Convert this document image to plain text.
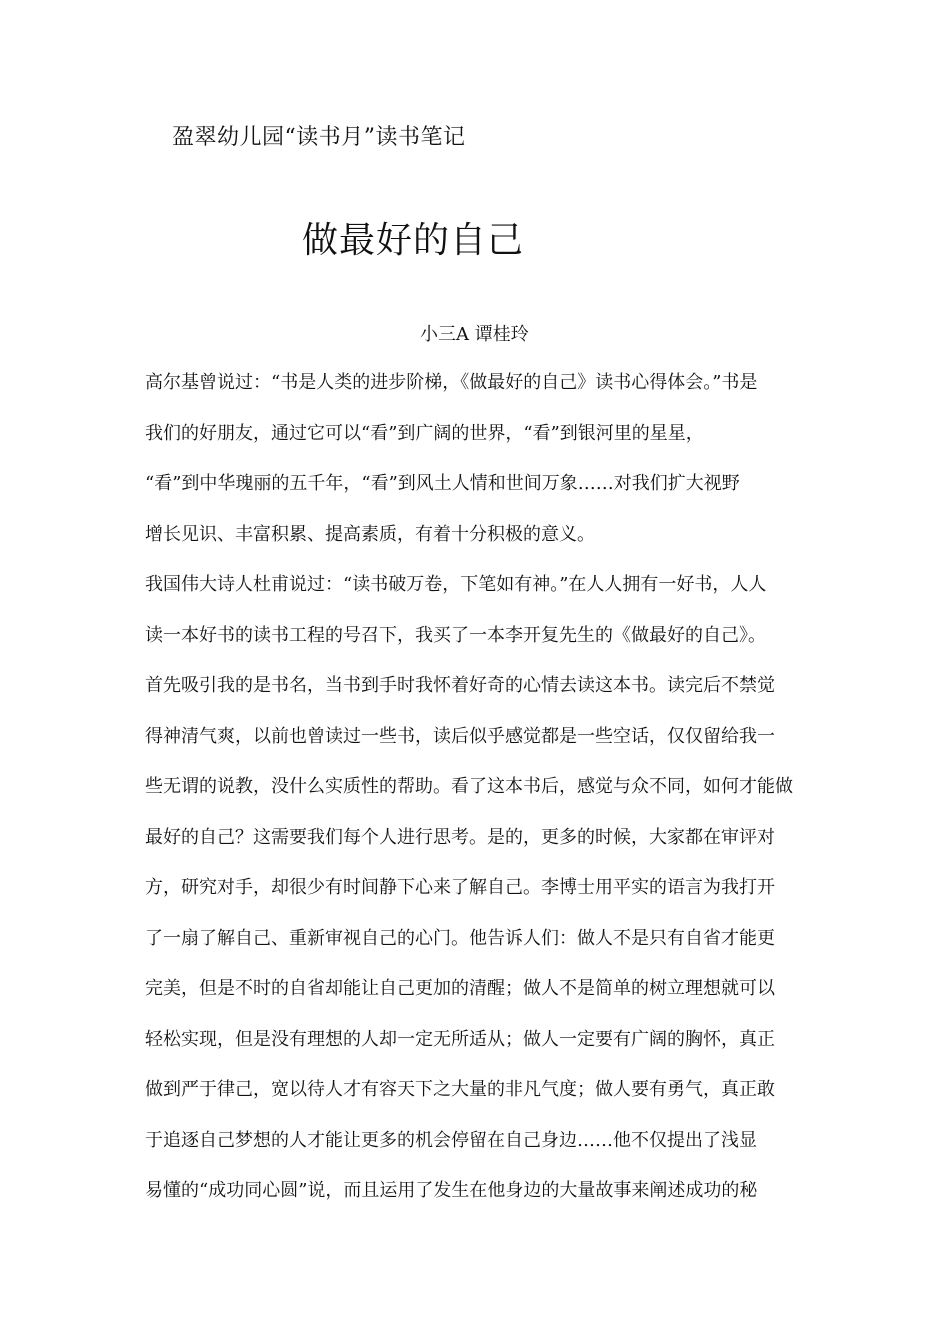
盈翠幼儿园“读书月”读书笔记
做最好的自己
小三A 谭桂玲
高尔基曾说过：“书是人类的进步阶梯，《做最好的自己》读书心得体会。”书是
我们的好朋友，通过它可以“看”到广阔的世界，“看”到银河里的星星，
“看”到中华瑰丽的五千年，“看”到风土人情和世间万象……对我们扩大视野
增长见识、丰富积累、提高素质，有着十分积极的意义。
我国伟大诗人杜甫说过：“读书破万卷，下笔如有神。”在人人拥有一好书，人人
读一本好书的读书工程的号召下，我买了一本李开复先生的《做最好的自己》。
首先吸引我的是书名，当书到手时我怀着好奇的心情去读这本书。读完后不禁觉
得神清气爽，以前也曾读过一些书，读后似乎感觉都是一些空话，仅仅留给我一
些无谓的说教，没什么实质性的帮助。看了这本书后，感觉与众不同，如何才能做
最好的自己？这需要我们每个人进行思考。是的，更多的时候，大家都在审评对
方，研究对手，却很少有时间静下心来了解自己。李博士用平实的语言为我打开
了一扇了解自己、重新审视自己的心门。他告诉人们：做人不是只有自省才能更
完美，但是不时的自省却能让自己更加的清醒；做人不是简单的树立理想就可以
轻松实现，但是没有理想的人却一定无所适从；做人一定要有广阔的胸怀，真正
做到严于律己，宽以待人才有容天下之大量的非凡气度；做人要有勇气，真正敢
于追逐自己梦想的人才能让更多的机会停留在自己身边……他不仅提出了浅显
易懂的“成功同心圆”说，而且运用了发生在他身边的大量故事来阐述成功的秘
